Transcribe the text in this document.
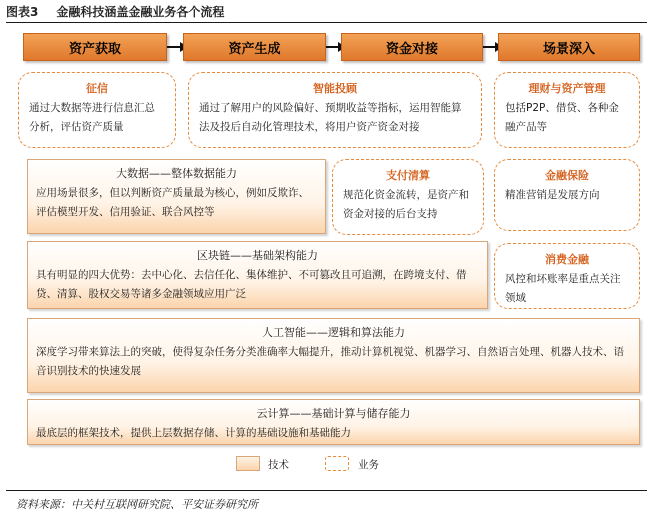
图表3 金融科技涵盖金融业务各个流程
资产获取	资产生成	资金对接	场景深入
征信
通过大数据等进行信息汇总分析，评估资产质量
智能投顾
通过了解用户的风险偏好、预期收益等指标，运用智能算法及投后自动化管理技术，将用户资产资金对接
理财与资产管理
包括P2P、借贷、各种金融产品等
支付清算
规范化资金流转，是资产和资金对接的后台支持
金融保险
精准营销是发展方向
消费金融
风控和坏账率是重点关注领域
大数据——整体数据能力
应用场景很多，但以判断资产质量最为核心，例如反欺诈、评估模型开发、信用验证、联合风控等
区块链——基础架构能力
具有明显的四大优势：去中心化、去信任化、集体维护、不可篡改且可追溯，在跨境支付、借贷、清算、股权交易等诸多金融领域应用广泛
人工智能——逻辑和算法能力
深度学习带来算法上的突破，使得复杂任务分类准确率大幅提升，推动计算机视觉、机器学习、自然语言处理、机器人技术、语音识别技术的快速发展
云计算——基础计算与储存能力
最底层的框架技术，提供上层数据存储、计算的基础设施和基础能力
技术	业务
资料来源：中关村互联网研究院、平安证券研究所
